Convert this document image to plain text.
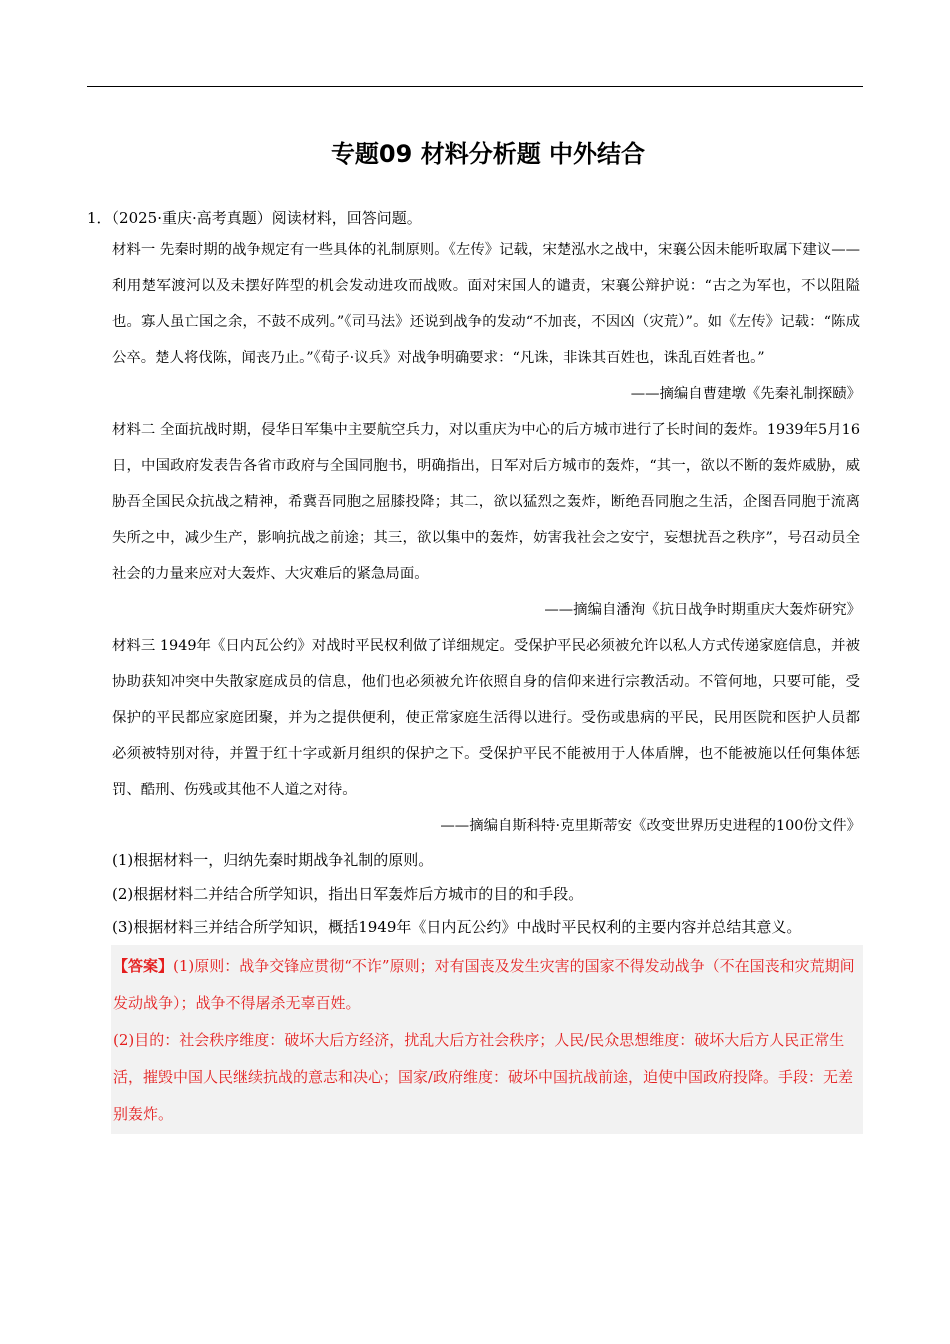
专题09 材料分析题 中外结合
1．（2025·重庆·高考真题）阅读材料，回答问题。

材料一 先秦时期的战争规定有一些具体的礼制原则。《左传》记载，宋楚泓水之战中，宋襄公因未能听取属下建议——利用楚军渡河以及未摆好阵型的机会发动进攻而战败。面对宋国人的谴责，宋襄公辩护说：“古之为军也，不以阻隘也。寡人虽亡国之余，不鼓不成列。”《司马法》还说到战争的发动“不加丧，不因凶（灾荒）”。如《左传》记载：“陈成公卒。楚人将伐陈，闻丧乃止。”《荀子·议兵》对战争明确要求：“凡诛，非诛其百姓也，诛乱百姓者也。”

——摘编自曹建墩《先秦礼制探赜》

材料二 全面抗战时期，侵华日军集中主要航空兵力，对以重庆为中心的后方城市进行了长时间的轰炸。1939年5月16日，中国政府发表告各省市政府与全国同胞书，明确指出，日军对后方城市的轰炸，“其一，欲以不断的轰炸威胁，威胁吾全国民众抗战之精神，希冀吾同胞之屈膝投降；其二，欲以猛烈之轰炸，断绝吾同胞之生活，企图吾同胞于流离失所之中，减少生产，影响抗战之前途；其三，欲以集中的轰炸，妨害我社会之安宁，妄想扰吾之秩序”，号召动员全社会的力量来应对大轰炸、大灾难后的紧急局面。

——摘编自潘洵《抗日战争时期重庆大轰炸研究》

材料三 1949年《日内瓦公约》对战时平民权利做了详细规定。受保护平民必须被允许以私人方式传递家庭信息，并被协助获知冲突中失散家庭成员的信息，他们也必须被允许依照自身的信仰来进行宗教活动。不管何地，只要可能，受保护的平民都应家庭团聚，并为之提供便利，使正常家庭生活得以进行。受伤或患病的平民，民用医院和医护人员都必须被特别对待，并置于红十字或新月组织的保护之下。受保护平民不能被用于人体盾牌，也不能被施以任何集体惩罚、酷刑、伤残或其他不人道之对待。

——摘编自斯科特·克里斯蒂安《改变世界历史进程的100份文件》
(1)根据材料一，归纳先秦时期战争礼制的原则。
(2)根据材料二并结合所学知识，指出日军轰炸后方城市的目的和手段。
(3)根据材料三并结合所学知识，概括1949年《日内瓦公约》中战时平民权利的主要内容并总结其意义。

【答案】(1)原则：战争交锋应贯彻“不诈”原则；对有国丧及发生灾害的国家不得发动战争（不在国丧和灾荒期间发动战争）；战争不得屠杀无辜百姓。

(2)目的：社会秩序维度：破坏大后方经济，扰乱大后方社会秩序；人民/民众思想维度：破坏大后方人民正常生活，摧毁中国人民继续抗战的意志和决心；国家/政府维度：破坏中国抗战前途，迫使中国政府投降。手段：无差别轰炸。
